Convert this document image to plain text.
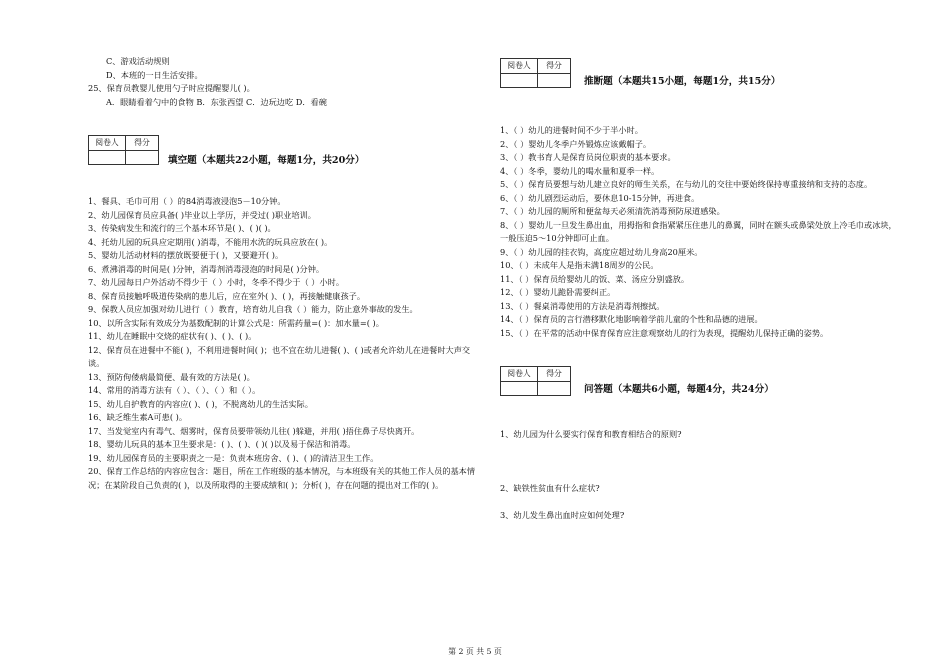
C、游戏活动规则
D、本班的一日生活安排。
25、保育员教婴儿使用勺子时应提醒婴儿( )。
A．眼睛看着勺中的食物 B．东张西望 C．边玩边吃 D．看碗
阅卷人	得分

填空题（本题共22小题，每题1分，共20分）
1、餐具、毛巾可用（ ）的84消毒液浸泡5－10分钟。
2、幼儿园保育员应具备( )毕业以上学历，并受过( )职业培训。
3、传染病发生和流行的三个基本环节是( )、( )( )。
4、托幼儿园的玩具应定期用( )消毒，不能用水洗的玩具应放在( )。
5、婴幼儿活动材料的摆放既要便于( )，又要避开( )。
6、煮沸消毒的时间是( )分钟，消毒剂消毒浸泡的时间是( )分钟。
7、幼儿园每日户外活动不得少于（ ）小时，冬季不得少于（ ）小时。
8、保育员接触呼吸道传染病的患儿后，应在室外( )、( )，再接触健康孩子。
9、保教人员应加强对幼儿进行（ ）教育，培育幼儿自我（ ）能力，防止意外事故的发生。
10、以所含实际有效成分为基数配制的计算公式是：所需药量=( )：加水量=( )。
11、幼儿在睡眠中交烧的症状有( )、( )、( )。
12、保育员在进餐中不能( )，不利用进餐时间( )；也不宜在幼儿进餐( )、( )或者允许幼儿在进餐时大声交谈。
13、预防佝偻病最简便、最有效的方法是( )。
14、常用的消毒方法有（ ）、（ ）、（ ）和（ ）。
15、幼儿自护教育的内容应( )、( )，不脱离幼儿的生活实际。
16、缺乏维生素A可患( )。
17、当发觉室内有毒气、烟雾时，保育员要带领幼儿往( )躲避，并用( )捂住鼻子尽快离开。
18、婴幼儿玩具的基本卫生要求是：( )、( )、( )( )以及易于保洁和消毒。
19、幼儿园保育员的主要职责之一是：负责本班房舍、( )、( )的清洁卫生工作。
20、保育工作总结的内容应包含：题目，所在工作班级的基本情况，与本班级有关的其他工作人员的基本情况；在某阶段自己负责的( )，以及所取得的主要成绩和( )；分析( )，存在问题的提出对工作的( )。
阅卷人	得分

推断题（本题共15小题，每题1分，共15分）
1、（ ）幼儿的进餐时间不少于半小时。
2、（ ）婴幼儿冬季户外锻炼应该戴帽子。
3、（ ）教书育人是保育员岗位职责的基本要求。
4、（ ）冬季，婴幼儿的喝水量和夏季一样。
5、（ ）保育员要想与幼儿建立良好的师生关系，在与幼儿的交往中要始终保持専重接纳和支持的态度。
6、（ ）幼儿剧烈运动后，要休息10-15分钟，再进食。
7、（ ）幼儿园的厕所和便盆每天必须清洗消毒预防尿道感染。
8、（ ）婴幼儿一旦发生鼻出血，用拇指和食指紧紧压住患儿的鼻翼，同时在额头或鼻梁处放上冷毛巾或冰块，一般压迫5～10分钟即可止血。
9、（ ）幼儿园的挂衣钩，高度应超过幼儿身高20厘米。
10、（ ）未成年人是指未满18周岁的公民。
11、（ ）保育员给婴幼儿的饭、菜、汤应分别盛放。
12、（ ）婴幼儿跪卧需要纠正。
13、（ ）餐桌消毒使用的方法是消毒剂擦拭。
14、（ ）保育员的言行潜移默化地影响着学前儿童的个性和品德的进展。
15、（ ）在平常的活动中保育保育应注意观察幼儿的行为表现，提醒幼儿保持正确的姿势。
阅卷人	得分

问答题（本题共6小题，每题4分，共24分）
1、幼儿园为什么要实行保育和教育相结合的原则?
2、缺铁性贫血有什么症状?
3、幼儿发生鼻出血时应如何处理?
第 2 页 共 5 页
